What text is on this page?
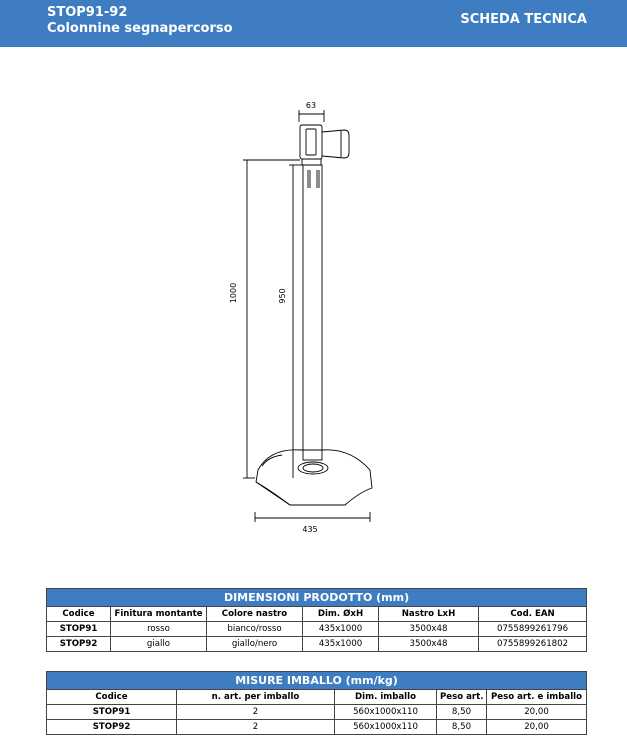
STOP91-92
Colonnine segnapercorso
SCHEDA TECNICA
63
1000	950
435
DIMENSIONI PRODOTTO (mm)					
Codice	Finitura montante	Colore nastro	Dim. ØxH	Nastro LxH	Cod. EAN
STOP91	rosso	bianco/rosso	435x1000	3500x48	0755899261796
STOP92	giallo	giallo/nero	435x1000	3500x48	0755899261802
MISURE IMBALLO (mm/kg)				
Codice	n. art. per imballo	Dim. imballo	Peso art.	Peso art. e imballo
STOP91	2	560x1000x110	8,50	20,00
STOP92	2	560x1000x110	8,50	20,00
